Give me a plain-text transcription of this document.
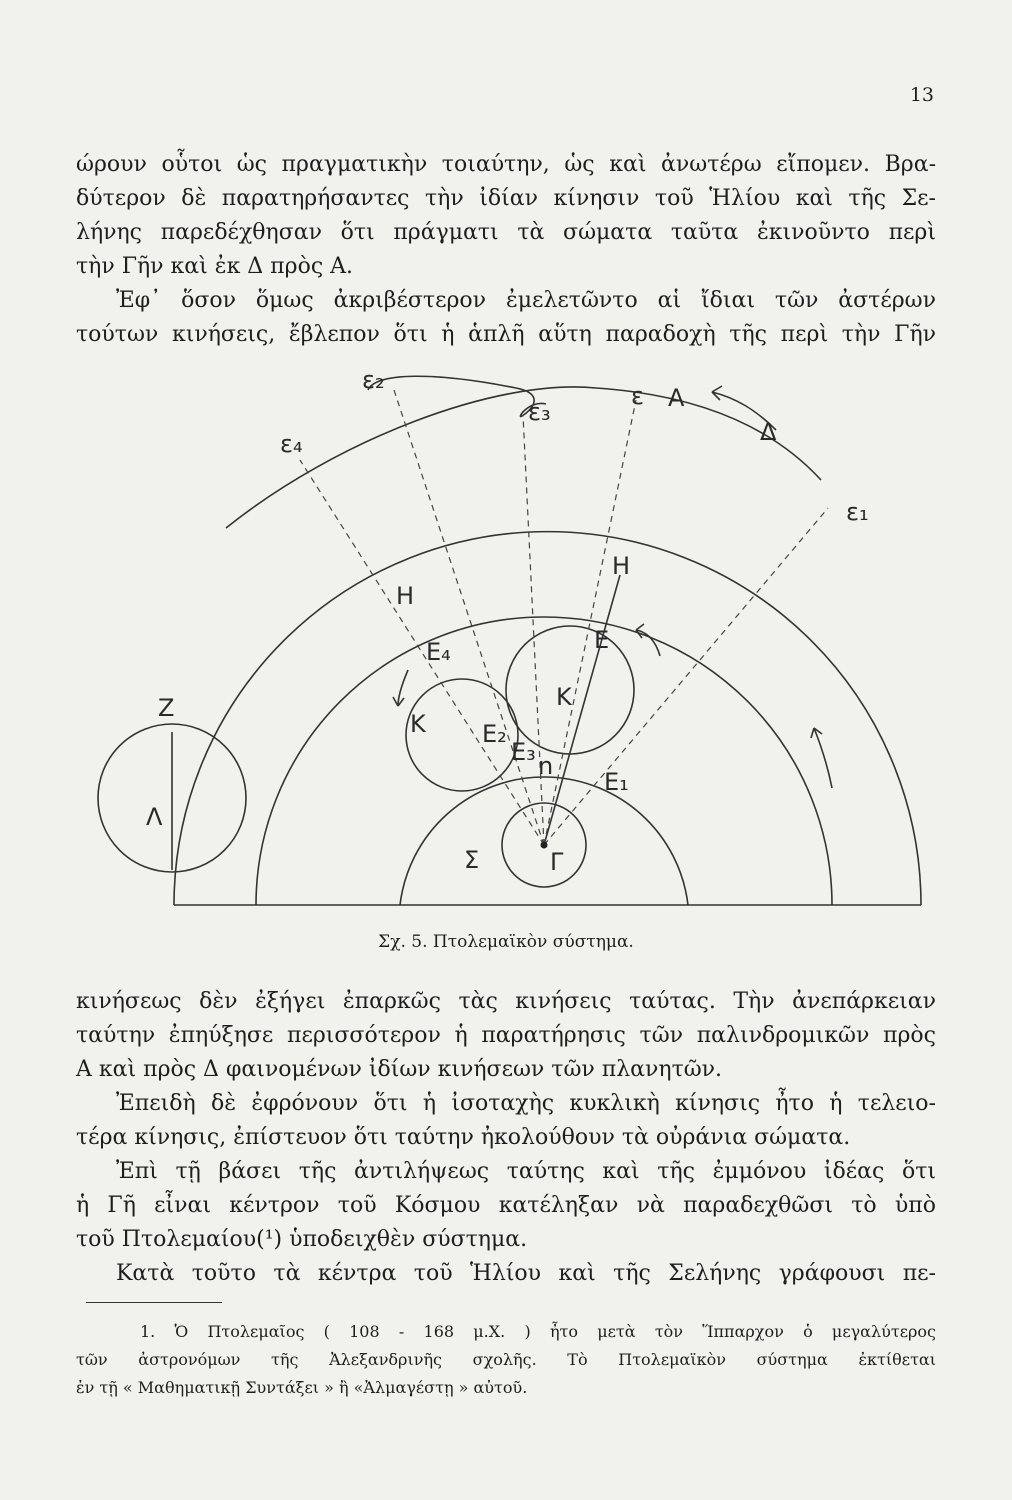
13
ώρουν οὗτοι ὡς πραγματικὴν τοιαύτην, ὡς καὶ ἀνωτέρω εἴπομεν. Βρα-
δύτερον δὲ παρατηρήσαντες τὴν ἰδίαν κίνησιν τοῦ Ἡλίου καὶ τῆς Σε-
λήνης παρεδέχθησαν ὅτι πράγματι τὰ σώματα ταῦτα ἐκινοῦντο περὶ
τὴν Γῆν καὶ ἐκ Δ πρὸς Α.
Ἐφ᾽ ὅσον ὅμως ἀκριβέστερον ἐμελετῶντο αἱ ἴδιαι τῶν ἀστέρων
τούτων κινήσεις, ἔβλεπον ὅτι ἡ ἁπλῆ αὕτη παραδοχὴ τῆς περὶ τὴν Γῆν
ε₂
ε₃
ε₄
ε A
Δ
ε₁
H
H
E
E₄
K
K
E₂
E₃ n
E₁
Z
Λ
Σ	Γ
Σχ. 5. Πτολεμαϊκὸν σύστημα.
κινήσεως δὲν ἐξήγει ἐπαρκῶς τὰς κινήσεις ταύτας. Τὴν ἀνεπάρκειαν
ταύτην ἐπηύξησε περισσότερον ἡ παρατήρησις τῶν παλινδρομικῶν πρὸς
Α καὶ πρὸς Δ φαινομένων ἰδίων κινήσεων τῶν πλανητῶν.
Ἐπειδὴ δὲ ἐφρόνουν ὅτι ἡ ἰσοταχὴς κυκλικὴ κίνησις ἦτο ἡ τελειο-
τέρα κίνησις, ἐπίστευον ὅτι ταύτην ἠκολούθουν τὰ οὐράνια σώματα.
Ἐπὶ τῇ βάσει τῆς ἀντιλήψεως ταύτης καὶ τῆς ἐμμόνου ἰδέας ὅτι
ἡ Γῆ εἶναι κέντρον τοῦ Κόσμου κατέληξαν νὰ παραδεχθῶσι τὸ ὑπὸ
τοῦ Πτολεμαίου(¹) ὑποδειχθὲν σύστημα.
Κατὰ τοῦτο τὰ κέντρα τοῦ Ἡλίου καὶ τῆς Σελήνης γράφουσι πε-
1. Ὁ Πτολεμαῖος ( 108 - 168 μ.Χ. ) ἦτο μετὰ τὸν Ἵππαρχον ὁ μεγαλύτερος
τῶν ἀστρονόμων τῆς Ἀλεξανδρινῆς σχολῆς. Τὸ Πτολεμαϊκὸν σύστημα ἐκτίθεται
ἐν τῇ « Μαθηματικῇ Συντάξει » ἢ «Ἀλμαγέστῃ » αὐτοῦ.
